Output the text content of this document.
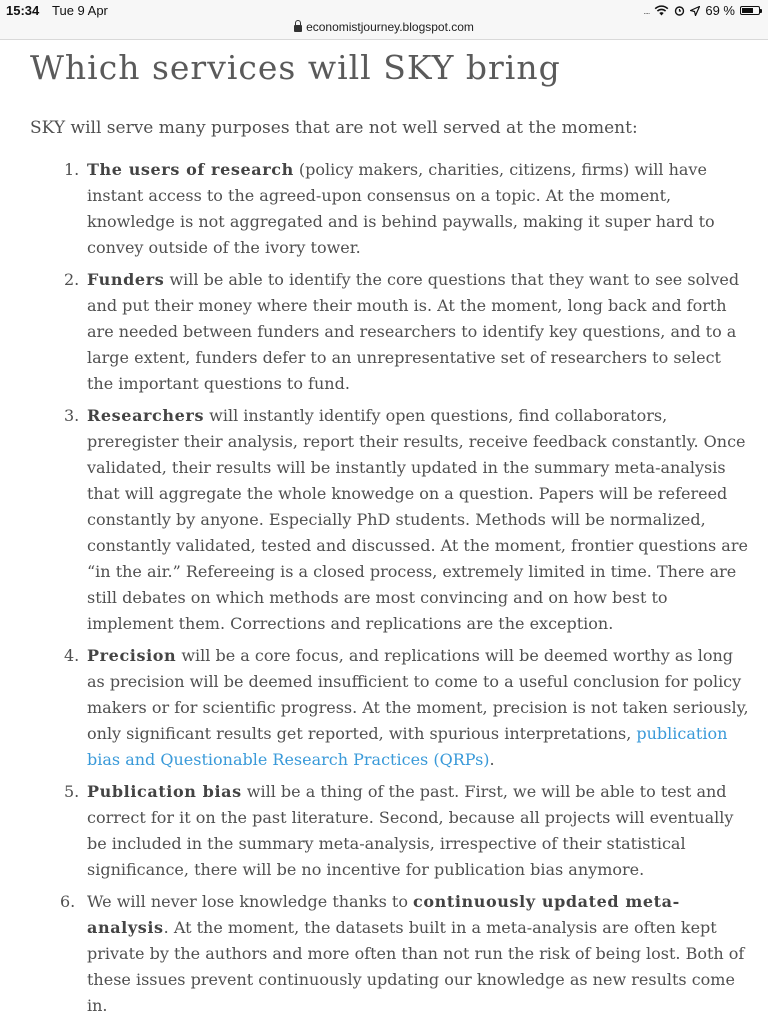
15:34 Tue 9 Apr	....	69 %
economistjourney.blogspot.com
Which services will SKY bring

SKY will serve many purposes that are not well served at the moment:

1. The users of research (policy makers, charities, citizens, firms) will have instant access to the agreed-upon consensus on a topic. At the moment, knowledge is not aggregated and is behind paywalls, making it super hard to convey outside of the ivory tower.
2. Funders will be able to identify the core questions that they want to see solved and put their money where their mouth is. At the moment, long back and forth are needed between funders and researchers to identify key questions, and to a large extent, funders defer to an unrepresentative set of researchers to select the important questions to fund.
3. Researchers will instantly identify open questions, find collaborators, preregister their analysis, report their results, receive feedback constantly. Once validated, their results will be instantly updated in the summary meta-analysis that will aggregate the whole knowedge on a question. Papers will be refereed constantly by anyone. Especially PhD students. Methods will be normalized, constantly validated, tested and discussed. At the moment, frontier questions are “in the air.” Refereeing is a closed process, extremely limited in time. There are still debates on which methods are most convincing and on how best to implement them. Corrections and replications are the exception.
4. Precision will be a core focus, and replications will be deemed worthy as long as precision will be deemed insufficient to come to a useful conclusion for policy makers or for scientific progress. At the moment, precision is not taken seriously, only significant results get reported, with spurious interpretations, publication bias and Questionable Research Practices (QRPs).
5. Publication bias will be a thing of the past. First, we will be able to test and correct for it on the past literature. Second, because all projects will eventually be included in the summary meta-analysis, irrespective of their statistical significance, there will be no incentive for publication bias anymore.
6. We will never lose knowledge thanks to continuously updated meta-analysis. At the moment, the datasets built in a meta-analysis are often kept private by the authors and more often than not run the risk of being lost. Both of these issues prevent continuously updating our knowledge as new results come in.
